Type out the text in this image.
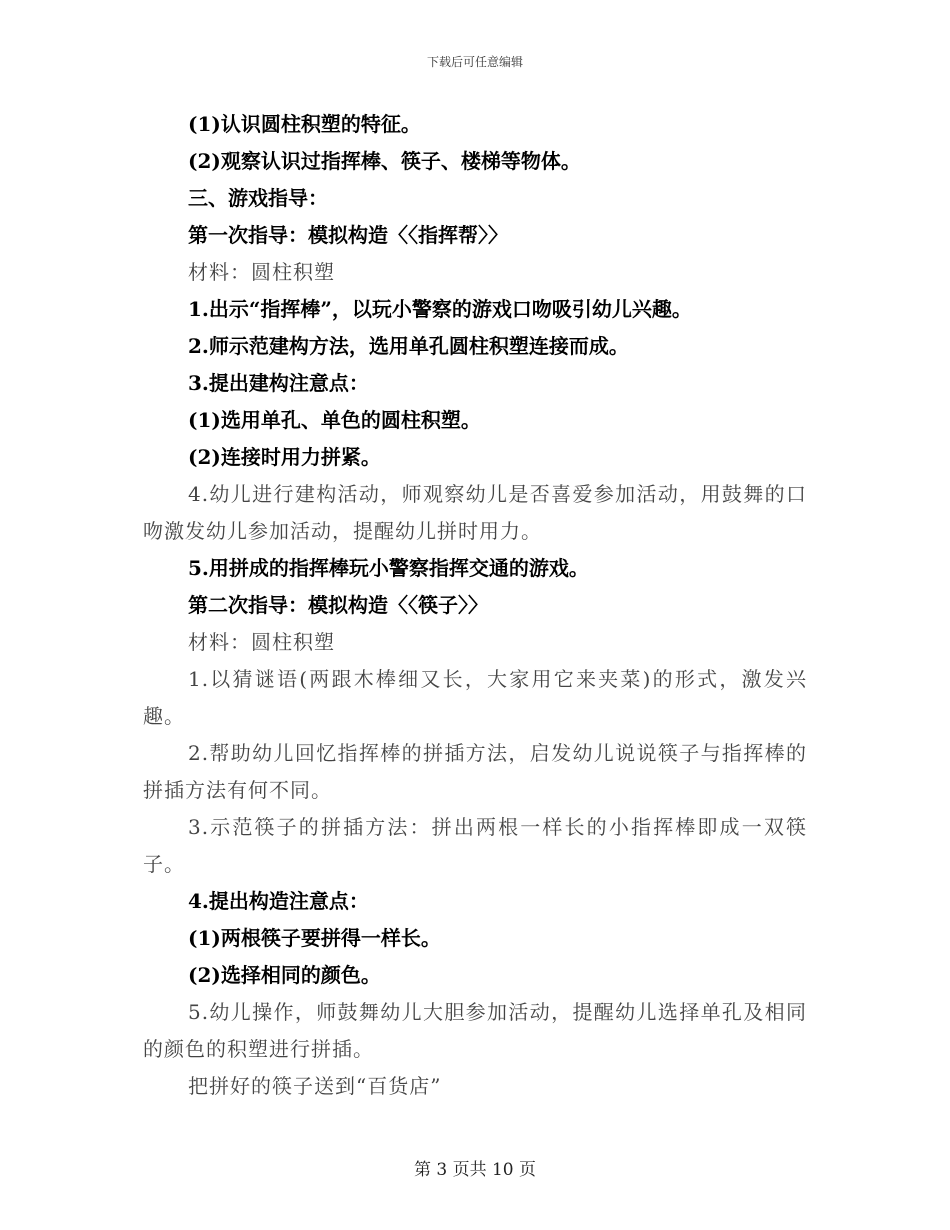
下载后可任意编辑
(1)认识圆柱积塑的特征。
(2)观察认识过指挥棒、筷子、楼梯等物体。
三、游戏指导：
第一次指导：模拟构造〈〈指挥帮〉〉
材料：圆柱积塑
1.出示“指挥棒”，以玩小警察的游戏口吻吸引幼儿兴趣。
2.师示范建构方法，选用单孔圆柱积塑连接而成。
3.提出建构注意点：
(1)选用单孔、单色的圆柱积塑。
(2)连接时用力拼紧。
4.幼儿进行建构活动，师观察幼儿是否喜爱参加活动，用鼓舞的口吻激发幼儿参加活动，提醒幼儿拼时用力。
5.用拼成的指挥棒玩小警察指挥交通的游戏。
第二次指导：模拟构造〈〈筷子〉〉
材料：圆柱积塑
1.以猜谜语(两跟木棒细又长，大家用它来夹菜)的形式，激发兴趣。
2.帮助幼儿回忆指挥棒的拼插方法，启发幼儿说说筷子与指挥棒的拼插方法有何不同。
3.示范筷子的拼插方法：拼出两根一样长的小指挥棒即成一双筷子。
4.提出构造注意点：
(1)两根筷子要拼得一样长。
(2)选择相同的颜色。
5.幼儿操作，师鼓舞幼儿大胆参加活动，提醒幼儿选择单孔及相同的颜色的积塑进行拼插。
把拼好的筷子送到“百货店”
第 3 页共 10 页
